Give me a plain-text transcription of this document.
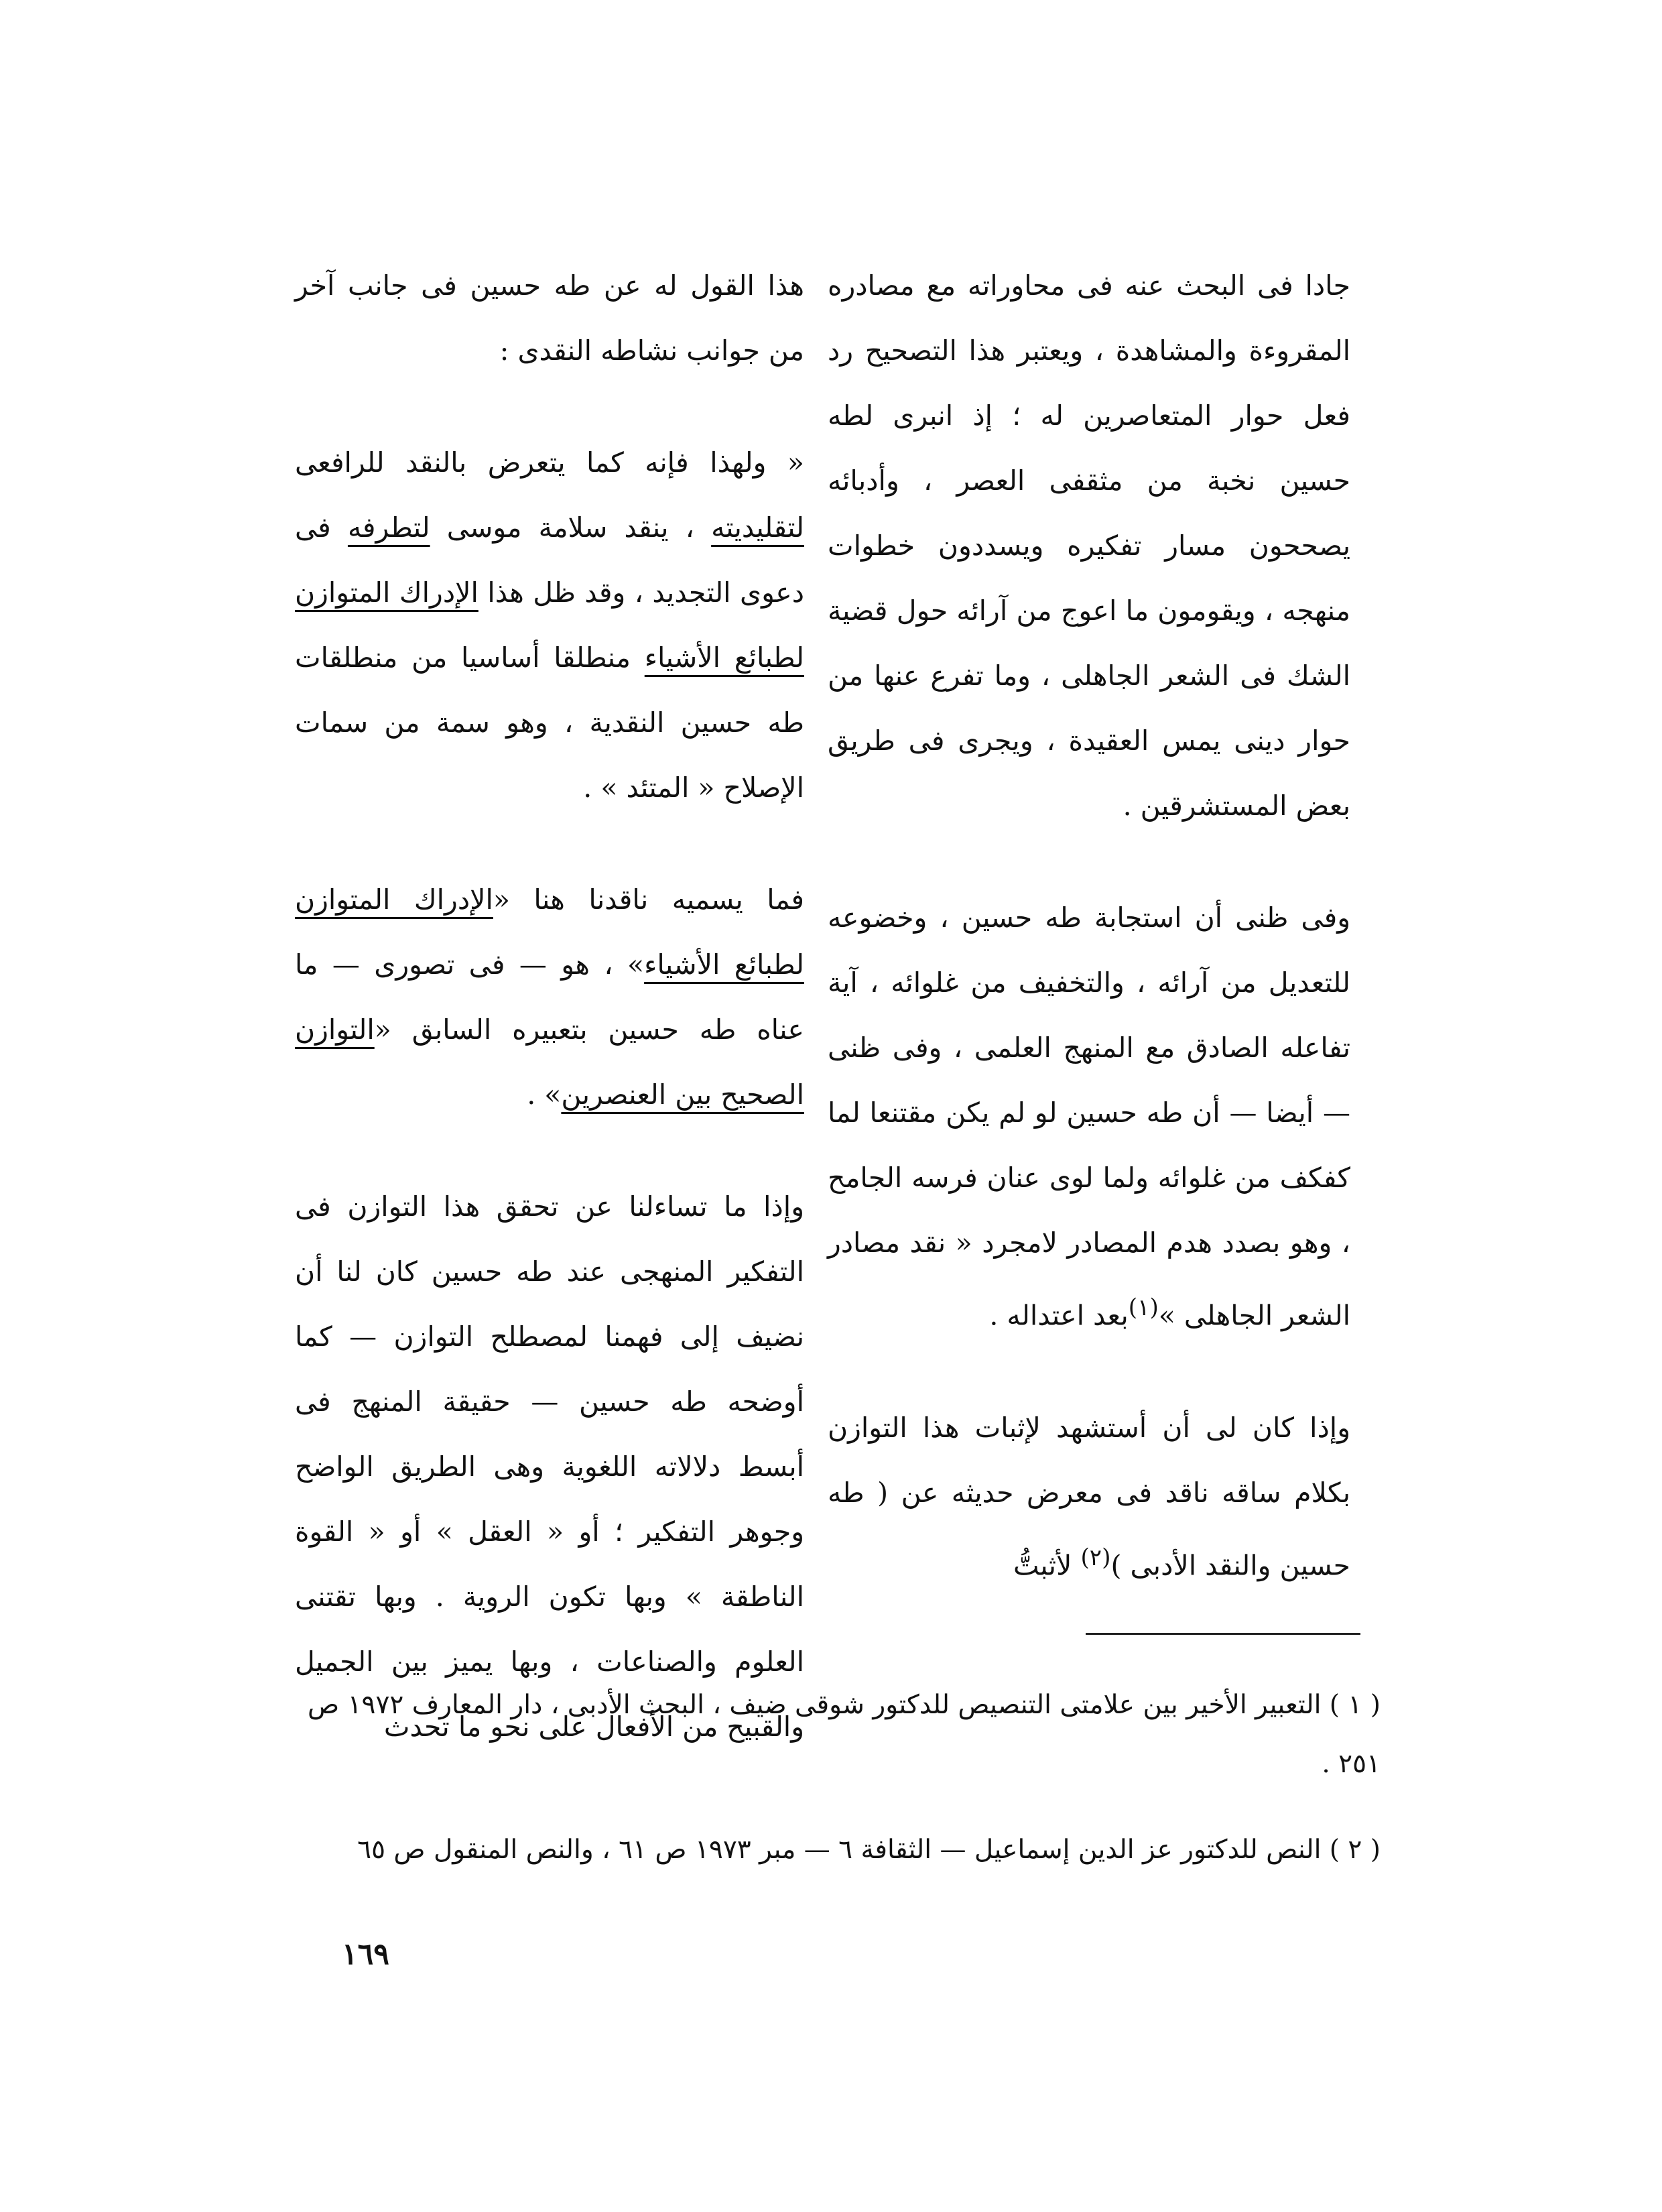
جادا فى البحث عنه فى محاوراته مع مصادره المقروءة والمشاهدة ، ويعتبر هذا التصحيح رد فعل حوار المتعاصرين له ؛ إذ انبرى لطه حسين نخبة من مثقفى العصر ، وأدبائه يصححون مسار تفكيره ويسددون خطوات منهجه ، ويقومون ما اعوج من آرائه حول قضية الشك فى الشعر الجاهلى ، وما تفرع عنها من حوار دينى يمس العقيدة ، ويجرى فى طريق بعض المستشرقين .

وفى ظنى أن استجابة طه حسين ، وخضوعه للتعديل من آرائه ، والتخفيف من غلوائه ، آية تفاعله الصادق مع المنهج العلمى ، وفى ظنى — أيضا — أن طه حسين لو لم يكن مقتنعا لما كفكف من غلوائه ولما لوى عنان فرسه الجامح ، وهو بصدد هدم المصادر لامجرد « نقد مصادر الشعر الجاهلى »$^{(١)}$بعد اعتداله .

وإذا كان لى أن أستشهد لإثبات هذا التوازن بكلام ساقه ناقد فى معرض حديثه عن ( طه حسين والنقد الأدبى )$^{(٢)}$ لأثبتُّ

هذا القول له عن طه حسين فى جانب آخر من جوانب نشاطه النقدى :

« ولهذا فإنه كما يتعرض بالنقد للرافعى لتقليديته ، ينقد سلامة موسى لتطرفه فى دعوى التجديد ، وقد ظل هذا الإدراك المتوازن لطبائع الأشياء منطلقا أساسيا من منطلقات طه حسين النقدية ، وهو سمة من سمات الإصلاح « المتئد » .

فما يسميه ناقدنا هنا «الإدراك المتوازن لطبائع الأشياء» ، هو — فى تصورى — ما عناه طه حسين بتعبيره السابق «التوازن الصحيح بين العنصرين» .

وإذا ما تساءلنا عن تحقق هذا التوازن فى التفكير المنهجى عند طه حسين كان لنا أن نضيف إلى فهمنا لمصطلح التوازن — كما أوضحه طه حسين — حقيقة المنهج فى أبسط دلالاته اللغوية وهى الطريق الواضح وجوهر التفكير ؛ أو « العقل » أو « القوة الناطقة » وبها تكون الروية . وبها تقتنى العلوم والصناعات ، وبها يميز بين الجميل والقبيح من الأفعال على نحو ما تحدث

( ١ ) التعبير الأخير بين علامتى التنصيص للدكتور شوقى ضيف ، البحث الأدبى ، دار المعارف ١٩٧٢ ص ٢٥١ .

( ٢ ) النص للدكتور عز الدين إسماعيل — الثقافة ٦ — مبر ١٩٧٣ ص ٦١ ، والنص المنقول ص ٦٥

١٦٩
